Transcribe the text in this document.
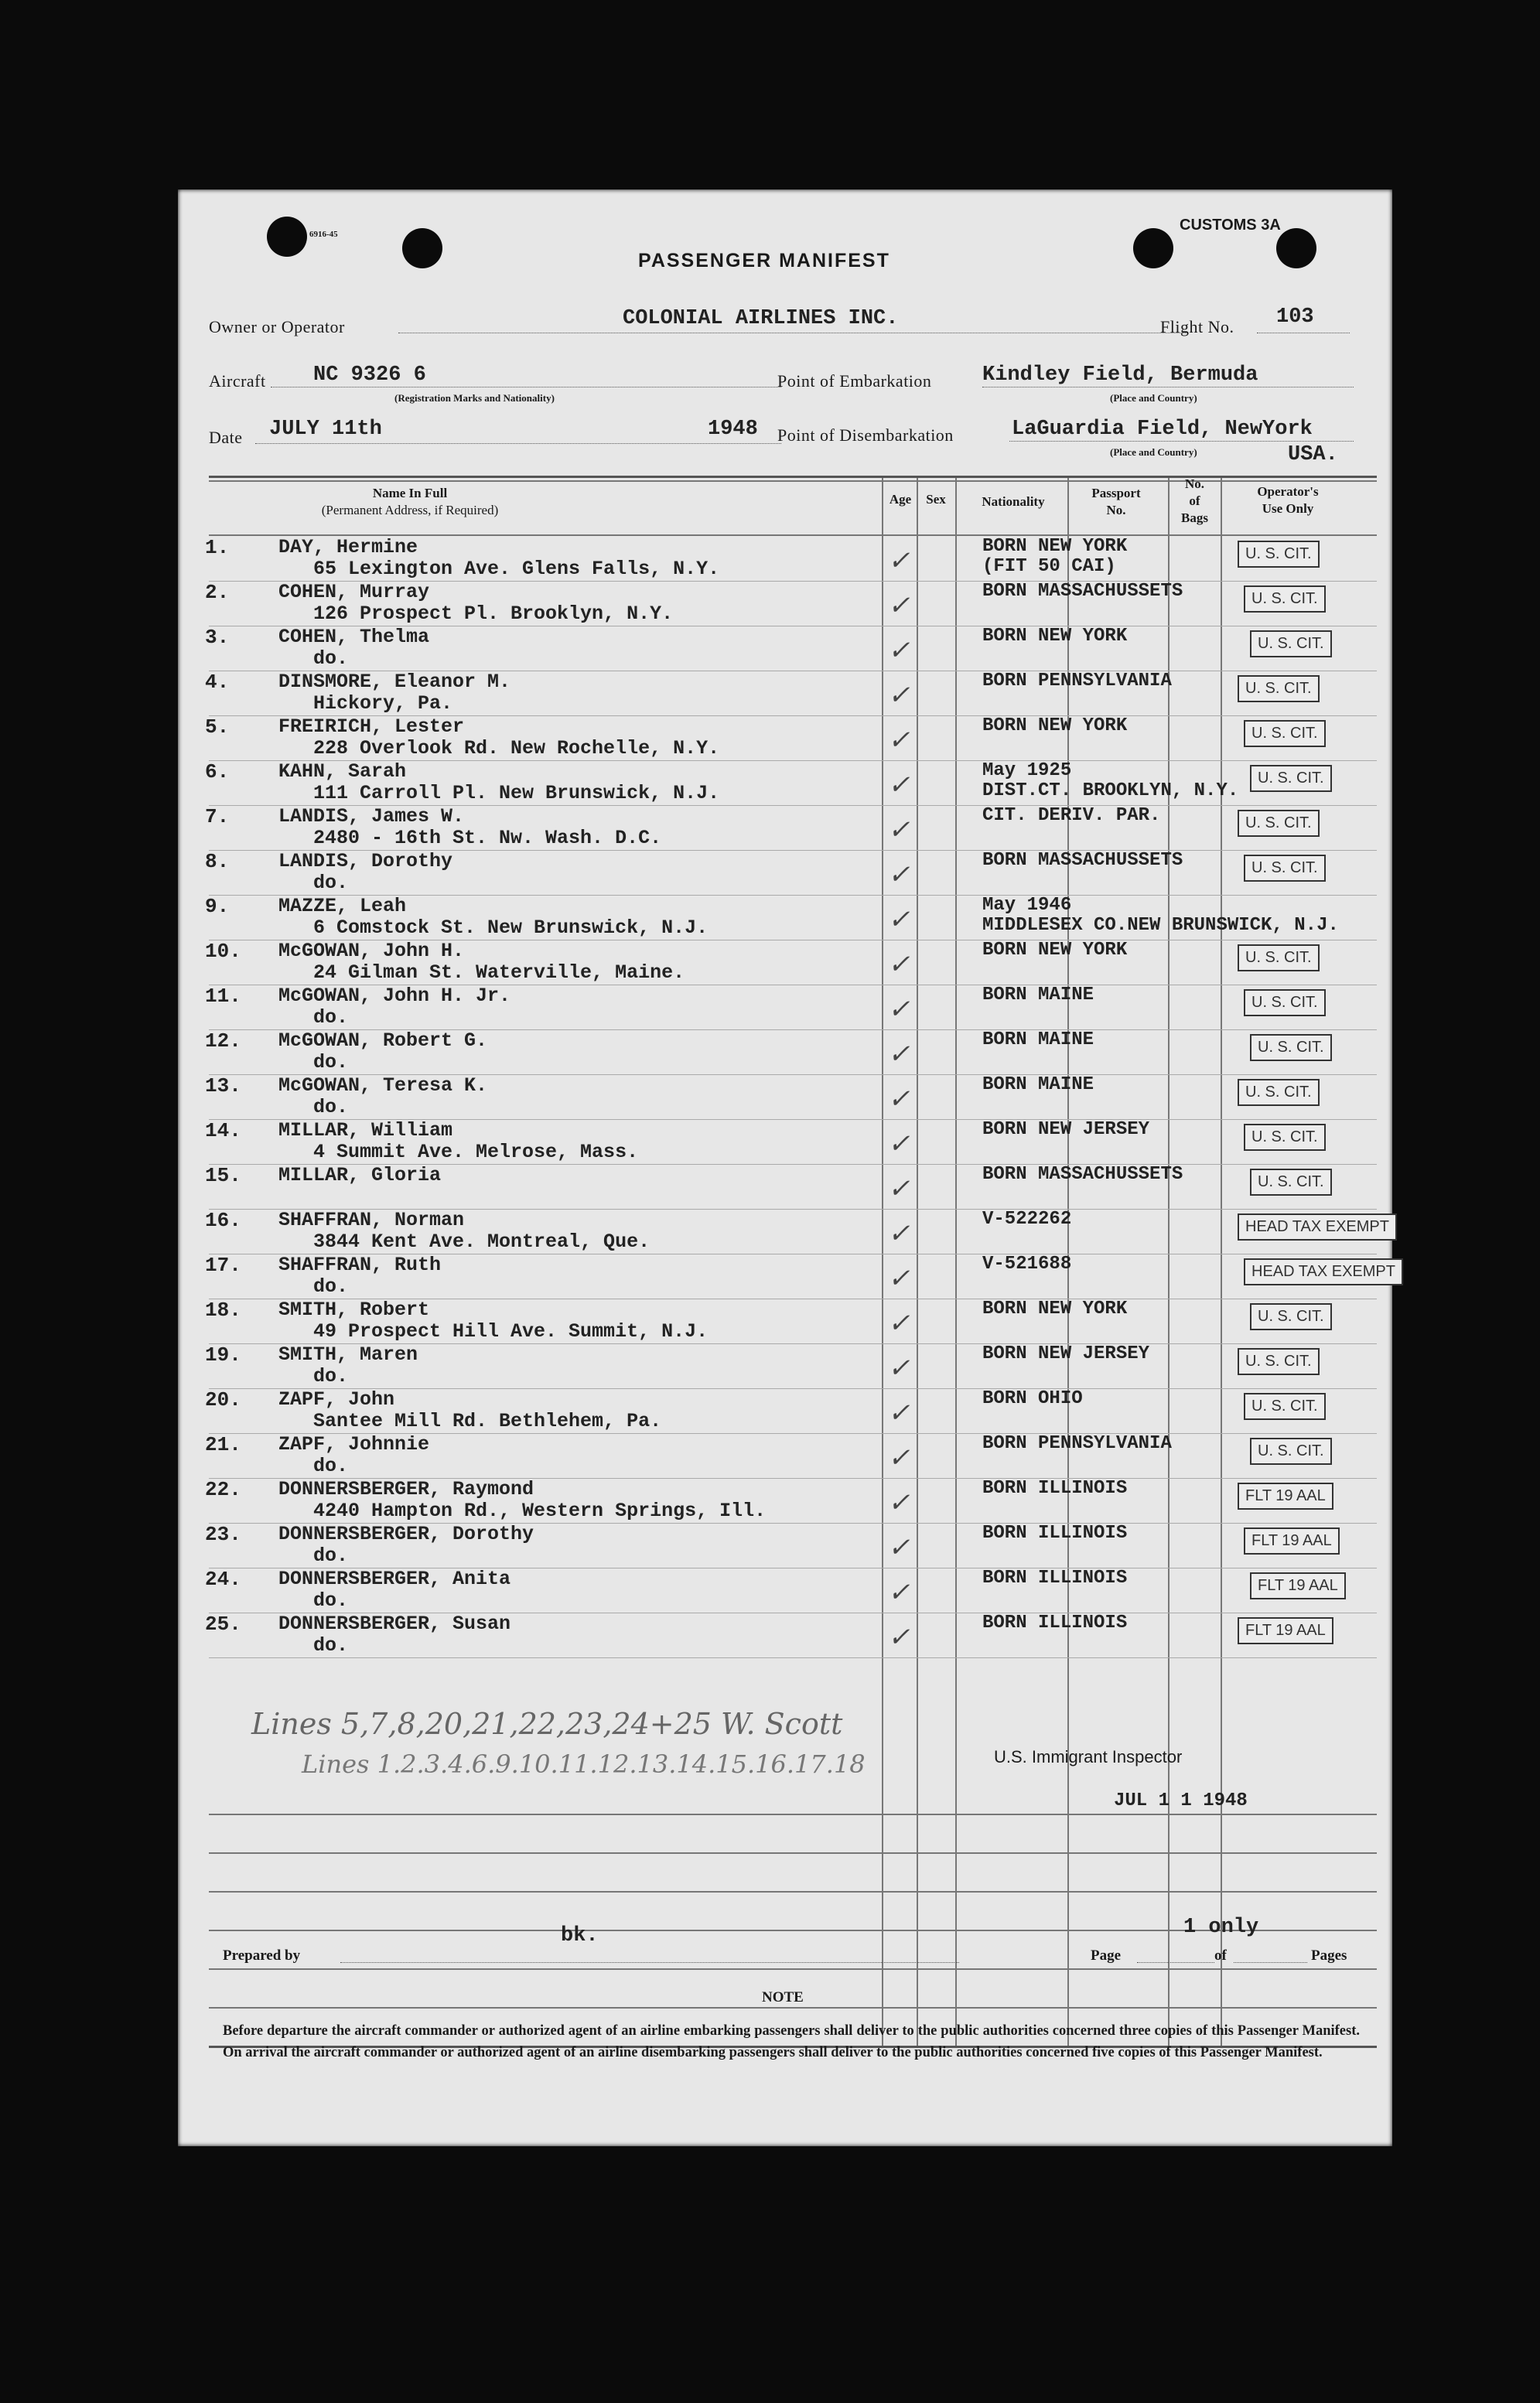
6916-45
CUSTOMS 3A
PASSENGER MANIFEST
Owner or Operator	COLONIAL AIRLINES INC.	Flight No. 103
Aircraft NC 9326 6
(Registration Marks and Nationality)
Point of Embarkation Kindley Field, Bermuda
(Place and Country)
Date JULY 11th	1948 Point of Disembarkation	LaGuardia Field, NewYork
(Place and Country)	USA.
Name In Full
(Permanent Address, if Required)
Age	Sex	Nationality
Passport
No.
No.
of
Bags
Operator's
Use Only
1.	DAY, Hermine
65 Lexington Ave. Glens Falls, N.Y.
BORN NEW YORK
(FIT 50 CAI)
✓	U. S. CIT.
2.	COHEN, Murray
126 Prospect Pl. Brooklyn, N.Y.
BORN MASSACHUSSETS
✓	U. S. CIT.
3.	COHEN, Thelma
do.
BORN NEW YORK
✓	U. S. CIT.
4.	DINSMORE, Eleanor M.
Hickory, Pa.
BORN PENNSYLVANIA
✓	U. S. CIT.
5.	FREIRICH, Lester
228 Overlook Rd. New Rochelle, N.Y.
BORN NEW YORK
✓	U. S. CIT.
6.	KAHN, Sarah
111 Carroll Pl. New Brunswick, N.J.
May 1925
DIST.CT. BROOKLYN, N.Y.
✓	U. S. CIT.
7.	LANDIS, James W.
2480 - 16th St. Nw. Wash. D.C.
CIT. DERIV. PAR.
✓	U. S. CIT.
8.	LANDIS, Dorothy
do.
BORN MASSACHUSSETS
✓	U. S. CIT.
9.	MAZZE, Leah
6 Comstock St. New Brunswick, N.J.
May 1946
MIDDLESEX CO.NEW BRUNSWICK, N.J.
✓
10. McGOWAN, John H.
24 Gilman St. Waterville, Maine.
BORN NEW YORK
✓	U. S. CIT.
11. McGOWAN, John H. Jr.
do.
BORN MAINE
✓	U. S. CIT.
12. McGOWAN, Robert G.
do.
BORN MAINE
✓	U. S. CIT.
13. McGOWAN, Teresa K.
do.
BORN MAINE
✓	U. S. CIT.
14. MILLAR, William
4 Summit Ave. Melrose, Mass.
BORN NEW JERSEY
✓	U. S. CIT.
15. MILLAR, Gloria	BORN MASSACHUSSETS
✓	U. S. CIT.
16. SHAFFRAN, Norman
3844 Kent Ave. Montreal, Que.
V-522262
✓	HEAD TAX EXEMPT
17. SHAFFRAN, Ruth
do.
V-521688
✓	HEAD TAX EXEMPT
18. SMITH, Robert
49 Prospect Hill Ave. Summit, N.J.
BORN NEW YORK
✓	U. S. CIT.
19. SMITH, Maren
do.
BORN NEW JERSEY
✓	U. S. CIT.
20. ZAPF, John
Santee Mill Rd. Bethlehem, Pa.
BORN OHIO
✓	U. S. CIT.
21. ZAPF, Johnnie
do.
BORN PENNSYLVANIA
✓	U. S. CIT.
22. DONNERSBERGER, Raymond
4240 Hampton Rd., Western Springs, Ill.
BORN ILLINOIS
✓	FLT 19 AAL
23. DONNERSBERGER, Dorothy
do.
BORN ILLINOIS
✓	FLT 19 AAL
24. DONNERSBERGER, Anita
do.
BORN ILLINOIS
✓	FLT 19 AAL
25. DONNERSBERGER, Susan
do.
BORN ILLINOIS
✓	FLT 19 AAL
Lines 5,7,8,20,21,22,23,24+25 W. Scott
Lines 1.2.3.4.6.9.10.11.12.13.14.15.16.17.18	U.S. Immigrant Inspector
JUL 1 1 1948
Prepared by
bk.
Page
1 only
of	Pages
NOTE
Before departure the aircraft commander or authorized agent of an airline embarking passengers shall deliver to the public authorities concerned three copies of this Passenger Manifest. On arrival the aircraft commander or authorized agent of an airline disembarking passengers shall deliver to the public authorities concerned five copies of this Passenger Manifest.
